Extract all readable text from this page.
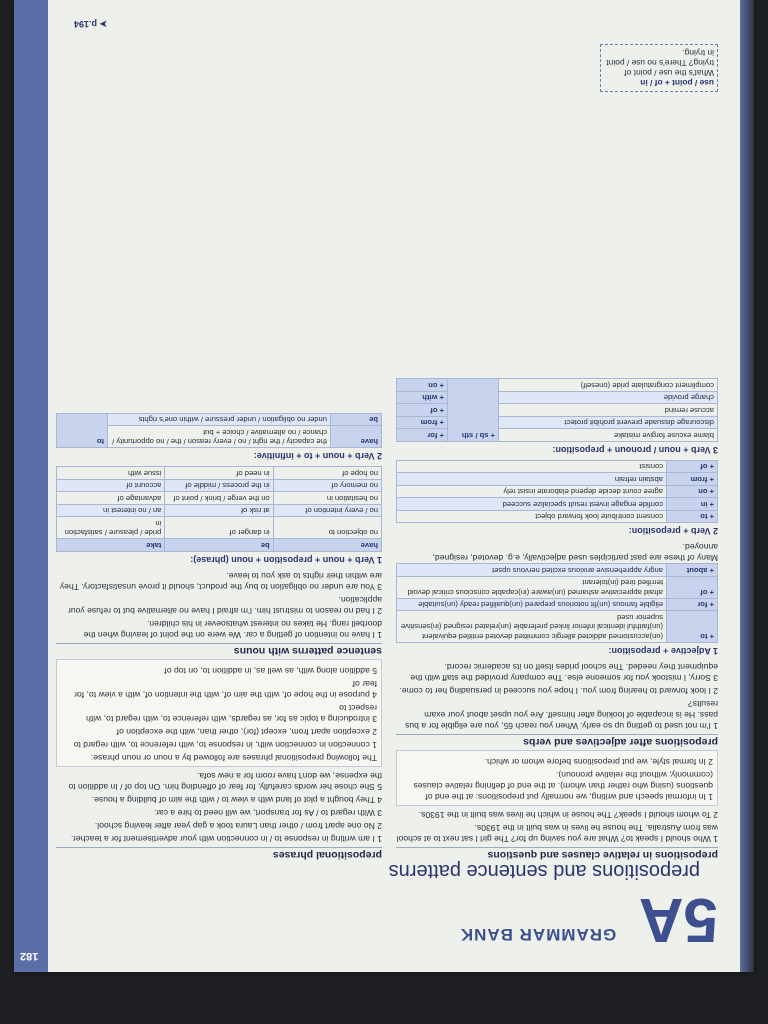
182
5A GRAMMAR BANK
prepositions and sentence patterns
prepositions in relative clauses and questions

1 Who should I speak to? What are you saving up for? The girl I sat next to at school was from Australia. The house he lives in was built in the 1930s.

2 To whom should I speak? The house in which he lives was built in the 1930s.

1 In informal speech and writing, we normally put prepositions: at the end of questions (using who rather than whom). at the end of defining relative clauses (commonly, without the relative pronoun).

2 In formal style, we put prepositions before whom or which.

prepositions after adjectives and verbs

1 I'm not used to getting up so early. When you reach 65, you are eligible for a bus pass. He is incapable of looking after himself. Are you upset about your exam results?

2 I look forward to hearing from you. I hope you succeed in persuading her to come.

3 Sorry, I mistook you for someone else. The company provided the staff with the equipment they needed. The school prides itself on its academic record.

1 Adjective + preposition:
+ to	(un)accustomed addicted allergic committed devoted entitled equivalent (un)faithful identical inferior linked preferable (un)related resigned (in)sensitive superior used
+ for	eligible famous (un)fit notorious prepared (un)qualified ready (un)suitable
+ of	afraid appreciative ashamed (un)aware (in)capable conscious critical devoid terrified tired (in)tolerant
+ about	angry apprehensive anxious excited nervous upset

Many of these are past participles used adjectivally, e.g. devoted, resigned, annoyed.

2 Verb + preposition:
+ to	consent contribute look forward object
+ in	confide engage invest result specialize succeed
+ on	agree count decide depend elaborate insist rely
+ from	abstain refrain
+ of	consist
3 Verb + noun / pronoun + preposition:
blame excuse forgive mistake	+ sb / sth	+ for
discourage dissuade prevent prohibit protect		+ from
accuse remind		+ of
charge provide		+ with
compliment congratulate pride (oneself)		+ on
prepositional phrases

1 I am writing in response to / in connection with your advertisement for a teacher.

2 No one apart from / other than Laura took a gap year after leaving school.

3 With regard to / As for transport, we will need to hire a car.

4 They bought a plot of land with a view to / with the aim of building a house.

5 She chose her words carefully, for fear of offending him. On top of / In addition to the expense, we don't have room for a new sofa.

The following prepositional phrases are followed by a noun or noun phrase:

1 connection in connection with, in response to, with reference to, with regard to

2 exception apart from, except (for), other than, with the exception of

3 introducing a topic as for, as regards, with reference to, with regard to, with respect to

4 purpose in the hope of, with the aim of, with the intention of, with a view to, for fear of

5 addition along with, as well as, in addition to, on top of

sentence patterns with nouns

1 I have no intention of getting a car. We were on the point of leaving when the doorbell rang. He takes no interest whatsoever in his children.

2 I had no reason to mistrust him. I'm afraid I have no alternative but to refuse your application.

3 You are under no obligation to buy the product, should it prove unsatisfactory. They are within their rights to ask you to leave.

1 Verb + noun + preposition + noun (phrase):
have	be	take
no objection to	in danger of	pride / pleasure / satisfaction in
no / every intention of	at risk of	an / no interest in
no hesitation in	on the verge / brink / point of	advantage of
no memory of	in the process / middle of	account of
no hope of	in need of	issue with
2 Verb + noun + to + infinitive:
have	the capacity / the right / no / every reason / the / no opportunity / chance / no alternative / choice + but	to
be	under no obligation / under pressure / within one's rights	
use / point + of / in
What's the use / point of trying? There's no use / point in trying.
➤ p.194
